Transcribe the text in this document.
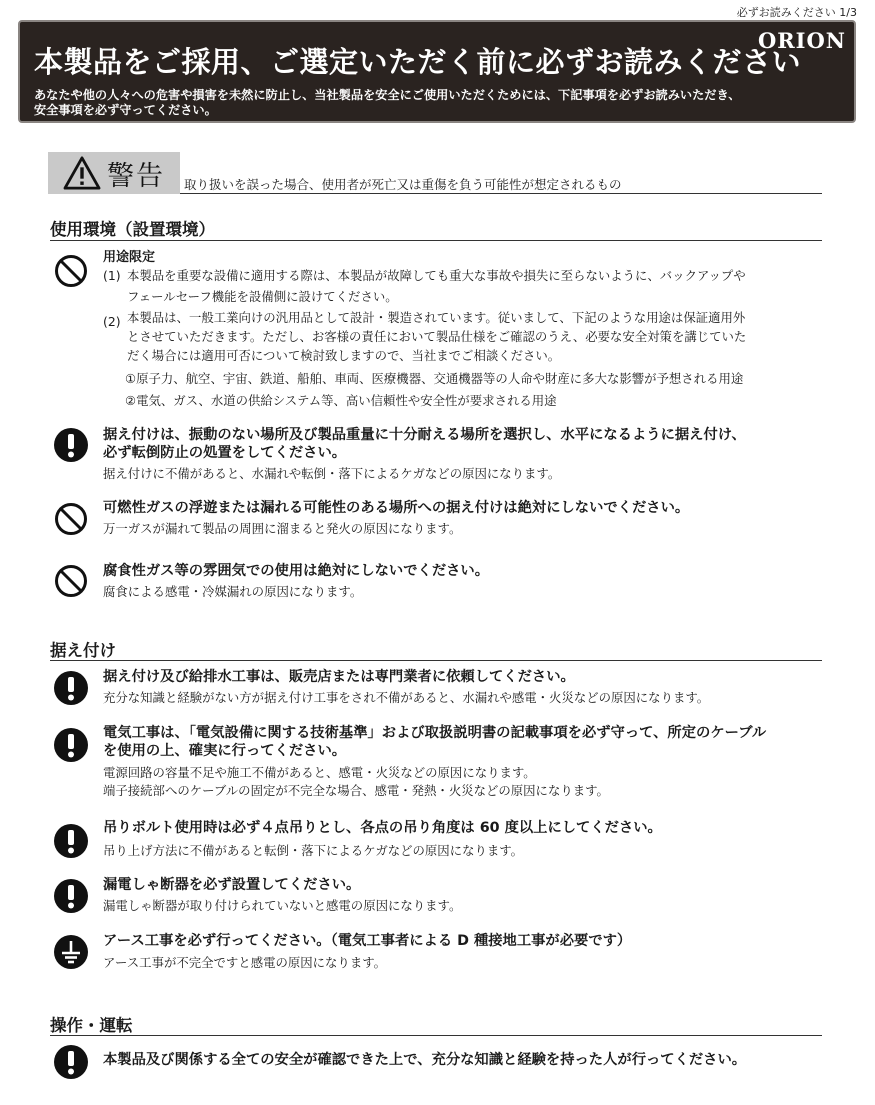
必ずお読みください 1/3
本製品をご採用、ご選定いただく前に必ずお読みください
ORION
あなたや他の人々への危害や損害を未然に防止し、当社製品を安全にご使用いただくためには、下記事項を必ずお読みいただき、
安全事項を必ず守ってください。
警告 取り扱いを誤った場合、使用者が死亡又は重傷を負う可能性が想定されるもの
使用環境（設置環境）
用途限定
(1) 本製品を重要な設備に適用する際は、本製品が故障しても重大な事故や損失に至らないように、バックアップや
フェールセーフ機能を設備側に設けてください。
(2) 本製品は、一般工業向けの汎用品として設計・製造されています。従いまして、下記のような用途は保証適用外
とさせていただきます。ただし、お客様の責任において製品仕様をご確認のうえ、必要な安全対策を講じていた
だく場合には適用可否について検討致しますので、当社までご相談ください。
①原子力、航空、宇宙、鉄道、船舶、車両、医療機器、交通機器等の人命や財産に多大な影響が予想される用途
②電気、ガス、水道の供給システム等、高い信頼性や安全性が要求される用途
据え付けは、振動のない場所及び製品重量に十分耐える場所を選択し、水平になるように据え付け、
必ず転倒防止の処置をしてください。
据え付けに不備があると、水漏れや転倒・落下によるケガなどの原因になります。
可燃性ガスの浮遊または漏れる可能性のある場所への据え付けは絶対にしないでください。
万一ガスが漏れて製品の周囲に溜まると発火の原因になります。
腐食性ガス等の雰囲気での使用は絶対にしないでください。
腐食による感電・冷媒漏れの原因になります。
据え付け
据え付け及び給排水工事は、販売店または専門業者に依頼してください。
充分な知識と経験がない方が据え付け工事をされ不備があると、水漏れや感電・火災などの原因になります。
電気工事は、「電気設備に関する技術基準」および取扱説明書の記載事項を必ず守って、所定のケーブル
を使用の上、確実に行ってください。
電源回路の容量不足や施工不備があると、感電・火災などの原因になります。
端子接続部へのケーブルの固定が不完全な場合、感電・発熱・火災などの原因になります。
吊りボルト使用時は必ず４点吊りとし、各点の吊り角度は 60 度以上にしてください。
吊り上げ方法に不備があると転倒・落下によるケガなどの原因になります。
漏電しゃ断器を必ず設置してください。
漏電しゃ断器が取り付けられていないと感電の原因になります。
アース工事を必ず行ってください。（電気工事者による D 種接地工事が必要です）
アース工事が不完全ですと感電の原因になります。
操作・運転
本製品及び関係する全ての安全が確認できた上で、充分な知識と経験を持った人が行ってください。
